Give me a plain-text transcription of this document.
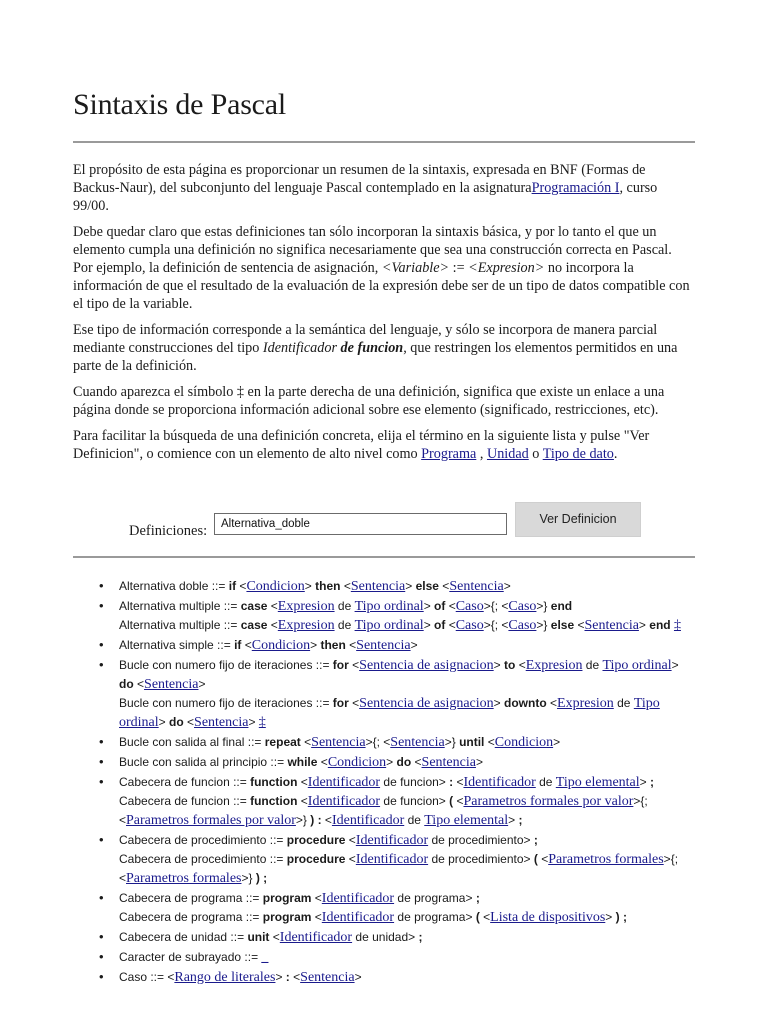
Sintaxis de Pascal

El propósito de esta página es proporcionar un resumen de la sintaxis, expresada en BNF (Formas de Backus-Naur), del subconjunto del lenguaje Pascal contemplado en la asignaturaProgramación I, curso 99/00.

Debe quedar claro que estas definiciones tan sólo incorporan la sintaxis básica, y por lo tanto el que un elemento cumpla una definición no significa necesariamente que sea una construcción correcta en Pascal. Por ejemplo, la definición de sentencia de asignación, <Variable> := <Expresion> no incorpora la información de que el resultado de la evaluación de la expresión debe ser de un tipo de datos compatible con el tipo de la variable.

Ese tipo de información corresponde a la semántica del lenguaje, y sólo se incorpora de manera parcial mediante construcciones del tipo Identificador de funcion, que restringen los elementos permitidos en una parte de la definición.

Cuando aparezca el símbolo ‡ en la parte derecha de una definición, significa que existe un enlace a una página donde se proporciona información adicional sobre ese elemento (significado, restricciones, etc).

Para facilitar la búsqueda de una definición concreta, elija el término en la siguiente lista y pulse "Ver Definicion", o comience con un elemento de alto nivel como Programa , Unidad o Tipo de dato.

Definiciones:	Alternativa_doble	Ver Definicion
• Alternativa doble ::= if <Condicion> then <Sentencia> else <Sentencia>
• Alternativa multiple ::= case <Expresion de Tipo ordinal> of <Caso>{; <Caso>} end
Alternativa multiple ::= case <Expresion de Tipo ordinal> of <Caso>{; <Caso>} else <Sentencia> end ‡
• Alternativa simple ::= if <Condicion> then <Sentencia>
• Bucle con numero fijo de iteraciones ::= for <Sentencia de asignacion> to <Expresion de Tipo ordinal> do <Sentencia>
Bucle con numero fijo de iteraciones ::= for <Sentencia de asignacion> downto <Expresion de Tipo ordinal> do <Sentencia> ‡
• Bucle con salida al final ::= repeat <Sentencia>{; <Sentencia>} until <Condicion>
• Bucle con salida al principio ::= while <Condicion> do <Sentencia>
• Cabecera de funcion ::= function <Identificador de funcion> : <Identificador de Tipo elemental> ;
Cabecera de funcion ::= function <Identificador de funcion> ( <Parametros formales por valor>{; <Parametros formales por valor>} ) : <Identificador de Tipo elemental> ;
• Cabecera de procedimiento ::= procedure <Identificador de procedimiento> ;
Cabecera de procedimiento ::= procedure <Identificador de procedimiento> ( <Parametros formales>{; <Parametros formales>} ) ;
• Cabecera de programa ::= program <Identificador de programa> ;
Cabecera de programa ::= program <Identificador de programa> ( <Lista de dispositivos> ) ;
• Cabecera de unidad ::= unit <Identificador de unidad> ;
• Caracter de subrayado ::= _
• Caso ::= <Rango de literales> : <Sentencia>
